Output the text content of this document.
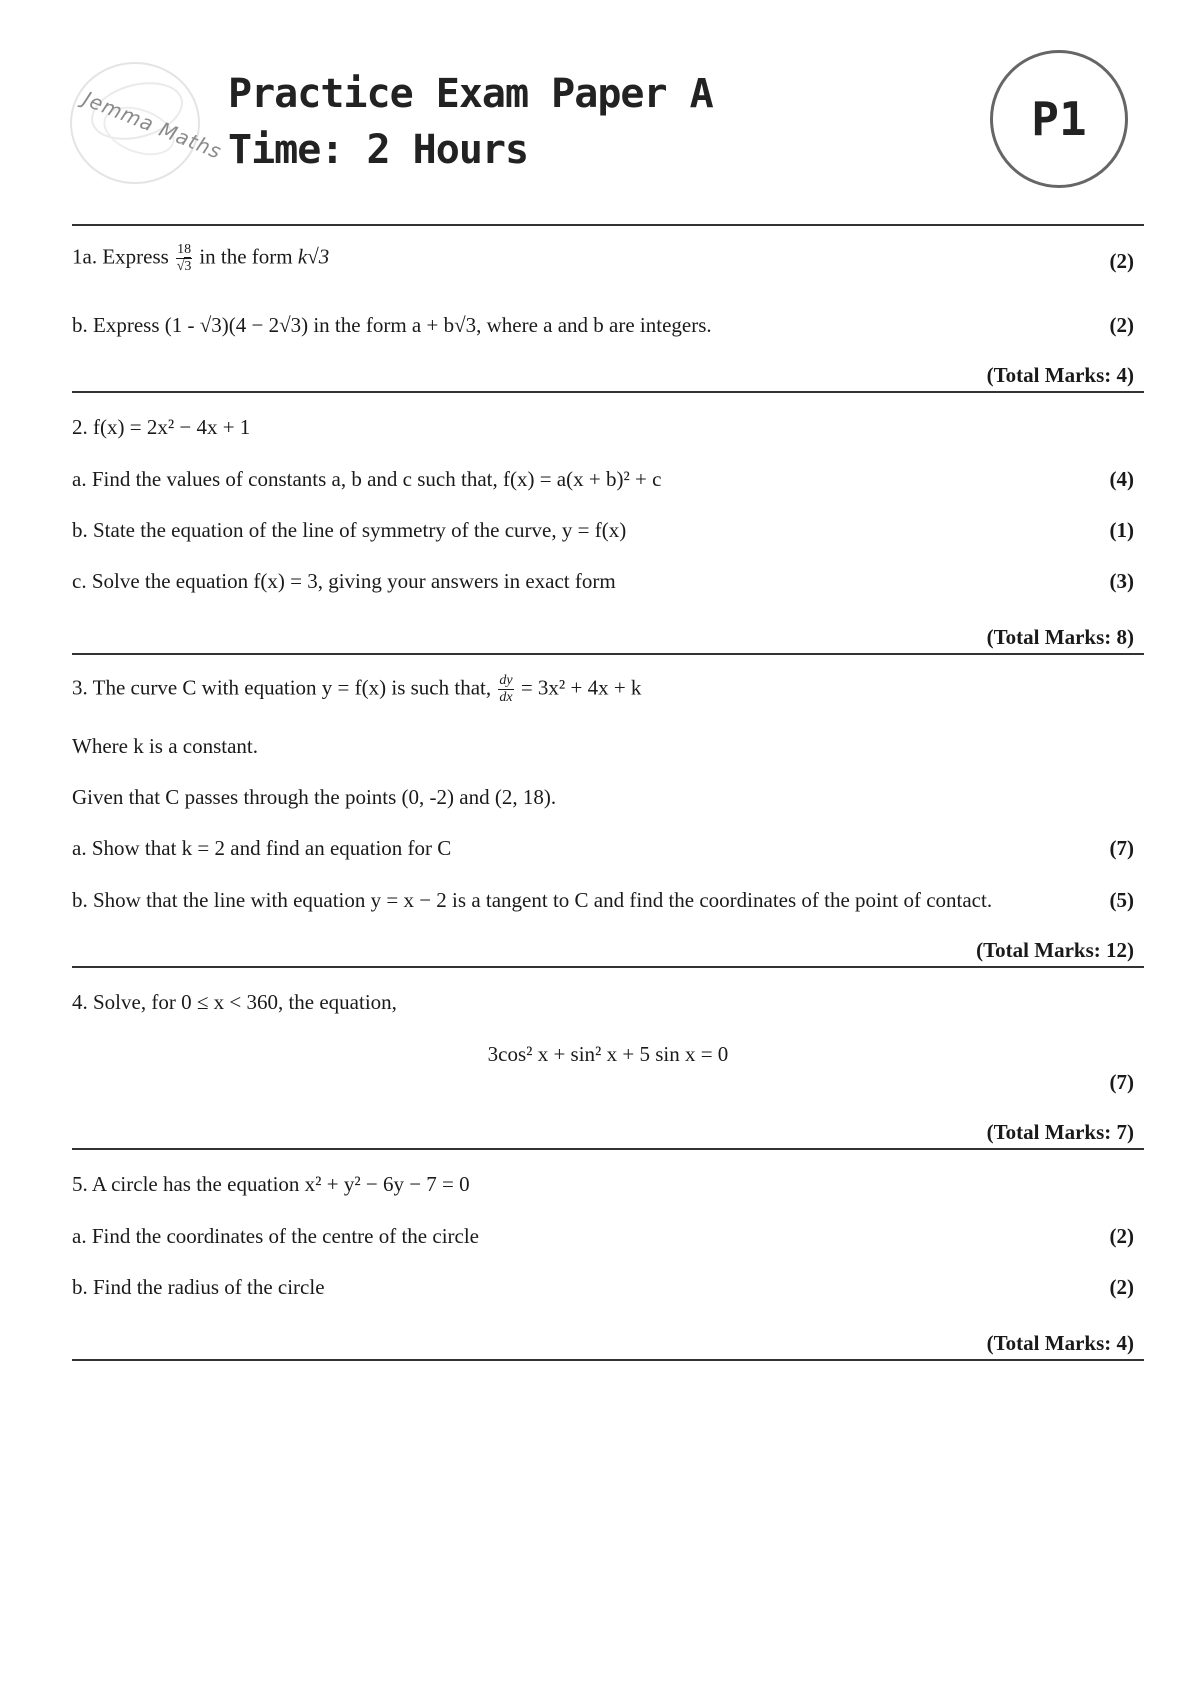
Jemma Maths Practice Exam Paper A
Time: 2 Hours
P1
1a. Express $\frac{18}{√3}$ in the form k√3	(2)
b. Express (1 - √3)(4 − 2√3) in the form a + b√3, where a and b are integers.	(2)
(Total Marks: 4)
2. f(x) = 2x² − 4x + 1
a. Find the values of constants a, b and c such that, f(x) = a(x + b)² + c	(4)
b. State the equation of the line of symmetry of the curve, y = f(x)	(1)
c. Solve the equation f(x) = 3, giving your answers in exact form	(3)
(Total Marks: 8)
3. The curve C with equation y = f(x) is such that, $\frac{dy}{dx} = 3x^2 + 4x + k$
Where k is a constant.
Given that C passes through the points (0, -2) and (2, 18).
a. Show that k = 2 and find an equation for C	(7)
b. Show that the line with equation y = x − 2 is a tangent to C and find the coordinates of the point of contact.	(5)
(Total Marks: 12)
4. Solve, for 0 ≤ x < 360, the equation,
3cos² x + sin² x + 5 sin x = 0
(7)
(Total Marks: 7)
5. A circle has the equation x² + y² − 6y − 7 = 0
a. Find the coordinates of the centre of the circle	(2)
b. Find the radius of the circle	(2)
(Total Marks: 4)
